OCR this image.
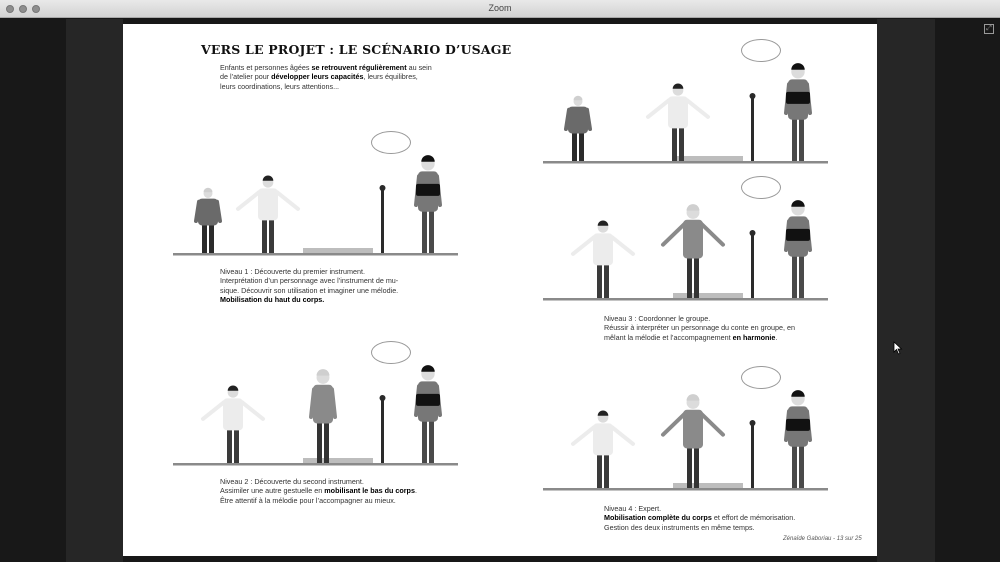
Zoom
⤢
VERS LE PROJET : LE SCÉNARIO D’USAGE
Enfants et personnes âgées se retrouvent régulièrement au sein de l’atelier pour développer leurs capacités, leurs équilibres, leurs coordinations, leurs attentions...
Niveau 1 : Découverte du premier instrument.
Interprétation d’un personnage avec l’instrument de mu-
sique. Découvrir son utilisation et imaginer une mélodie.
Mobilisation du haut du corps.
Niveau 2 : Découverte du second instrument.
Assimiler une autre gestuelle en mobilisant le bas du corps.
Être attentif à la mélodie pour l’accompagner au mieux.
Niveau 3 : Coordonner le groupe.
Réussir à interpréter un personnage du conte en groupe, en
mêlant la mélodie et l’accompagnement en harmonie.
Niveau 4 : Expert.
Mobilisation complète du corps et effort de mémorisation.
Gestion des deux instruments en même temps.
Zénaïde Gaboriau - 13 sur 25
